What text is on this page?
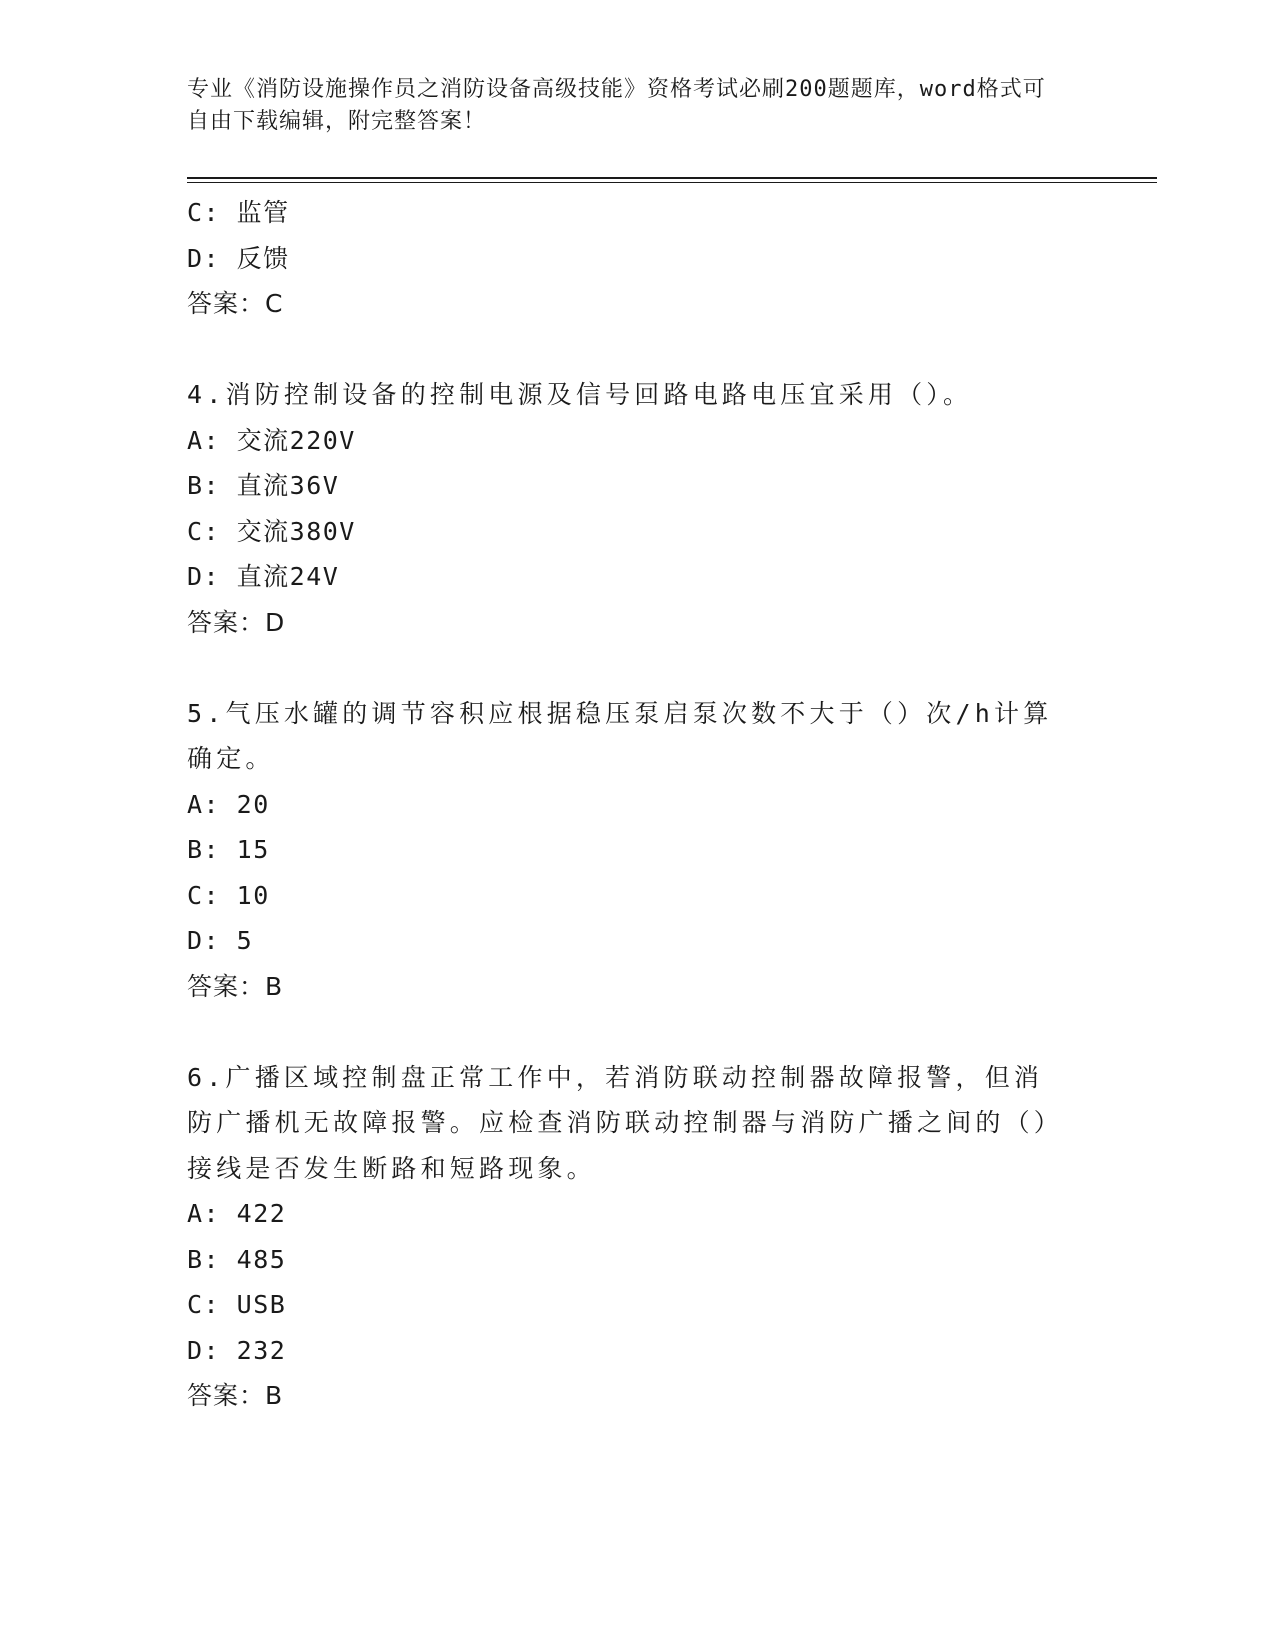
专业《消防设施操作员之消防设备高级技能》资格考试必刷200题题库，word格式可自由下载编辑，附完整答案！
C: 监管
D: 反馈
答案：C
4.消防控制设备的控制电源及信号回路电路电压宜采用（）。
A: 交流220V
B: 直流36V
C: 交流380V
D: 直流24V
答案：D
5.气压水罐的调节容积应根据稳压泵启泵次数不大于（）次/h计算确定。
A: 20
B: 15
C: 10
D: 5
答案：B
6.广播区域控制盘正常工作中，若消防联动控制器故障报警，但消防广播机无故障报警。应检查消防联动控制器与消防广播之间的（）接线是否发生断路和短路现象。
A: 422
B: 485
C: USB
D: 232
答案：B
